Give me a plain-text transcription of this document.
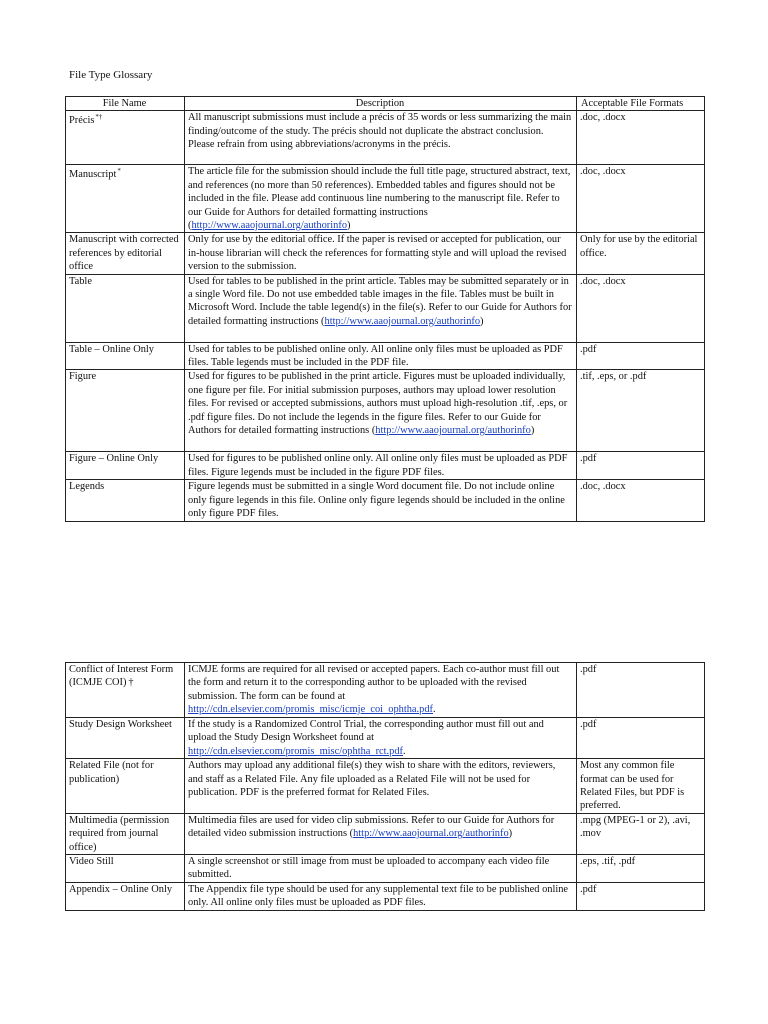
File Type Glossary
File Name	Description	Acceptable File Formats
Précis*†	All manuscript submissions must include a précis of 35 words or less summarizing the main finding/outcome of the study. The précis should not duplicate the abstract conclusion. Please refrain from using abbreviations/acronyms in the précis.	.doc, .docx
Manuscript*	The article file for the submission should include the full title page, structured abstract, text, and references (no more than 50 references). Embedded tables and figures should not be included in the file. Please add continuous line numbering to the manuscript file. Refer to our Guide for Authors for detailed formatting instructions (http://www.aaojournal.org/authorinfo)	.doc, .docx
Manuscript with corrected references by editorial office	Only for use by the editorial office. If the paper is revised or accepted for publication, our in-house librarian will check the references for formatting style and will upload the revised version to the submission.	Only for use by the editorial office.
Table	Used for tables to be published in the print article. Tables may be submitted separately or in a single Word file. Do not use embedded table images in the file. Tables must be built in Microsoft Word. Include the table legend(s) in the file(s). Refer to our Guide for Authors for detailed formatting instructions (http://www.aaojournal.org/authorinfo)	.doc, .docx
Table – Online Only	Used for tables to be published online only. All online only files must be uploaded as PDF files. Table legends must be included in the PDF file.	.pdf
Figure	Used for figures to be published in the print article. Figures must be uploaded individually, one figure per file. For initial submission purposes, authors may upload lower resolution files. For revised or accepted submissions, authors must upload high-resolution .tif, .eps, or .pdf figure files. Do not include the legends in the figure files. Refer to our Guide for Authors for detailed formatting instructions (http://www.aaojournal.org/authorinfo)	.tif, .eps, or .pdf
Figure – Online Only	Used for figures to be published online only. All online only files must be uploaded as PDF files. Figure legends must be included in the figure PDF files.	.pdf
Legends	Figure legends must be submitted in a single Word document file. Do not include online only figure legends in this file. Online only figure legends should be included in the online only figure PDF files.	.doc, .docx
Conflict of Interest Form (ICMJE COI) †	ICMJE forms are required for all revised or accepted papers. Each co-author must fill out the form and return it to the corresponding author to be uploaded with the revised submission. The form can be found at http://cdn.elsevier.com/promis_misc/icmje_coi_ophtha.pdf.	.pdf
Study Design Worksheet	If the study is a Randomized Control Trial, the corresponding author must fill out and upload the Study Design Worksheet found at http://cdn.elsevier.com/promis_misc/ophtha_rct.pdf.	.pdf
Related File (not for publication)	Authors may upload any additional file(s) they wish to share with the editors, reviewers, and staff as a Related File. Any file uploaded as a Related File will not be used for publication. PDF is the preferred format for Related Files.	Most any common file format can be used for Related Files, but PDF is preferred.
Multimedia (permission required from journal office)	Multimedia files are used for video clip submissions. Refer to our Guide for Authors for detailed video submission instructions (http://www.aaojournal.org/authorinfo)	.mpg (MPEG-1 or 2), .avi, .mov
Video Still	A single screenshot or still image from must be uploaded to accompany each video file submitted.	.eps, .tif, .pdf
Appendix – Online Only	The Appendix file type should be used for any supplemental text file to be published online only. All online only files must be uploaded as PDF files.	.pdf
